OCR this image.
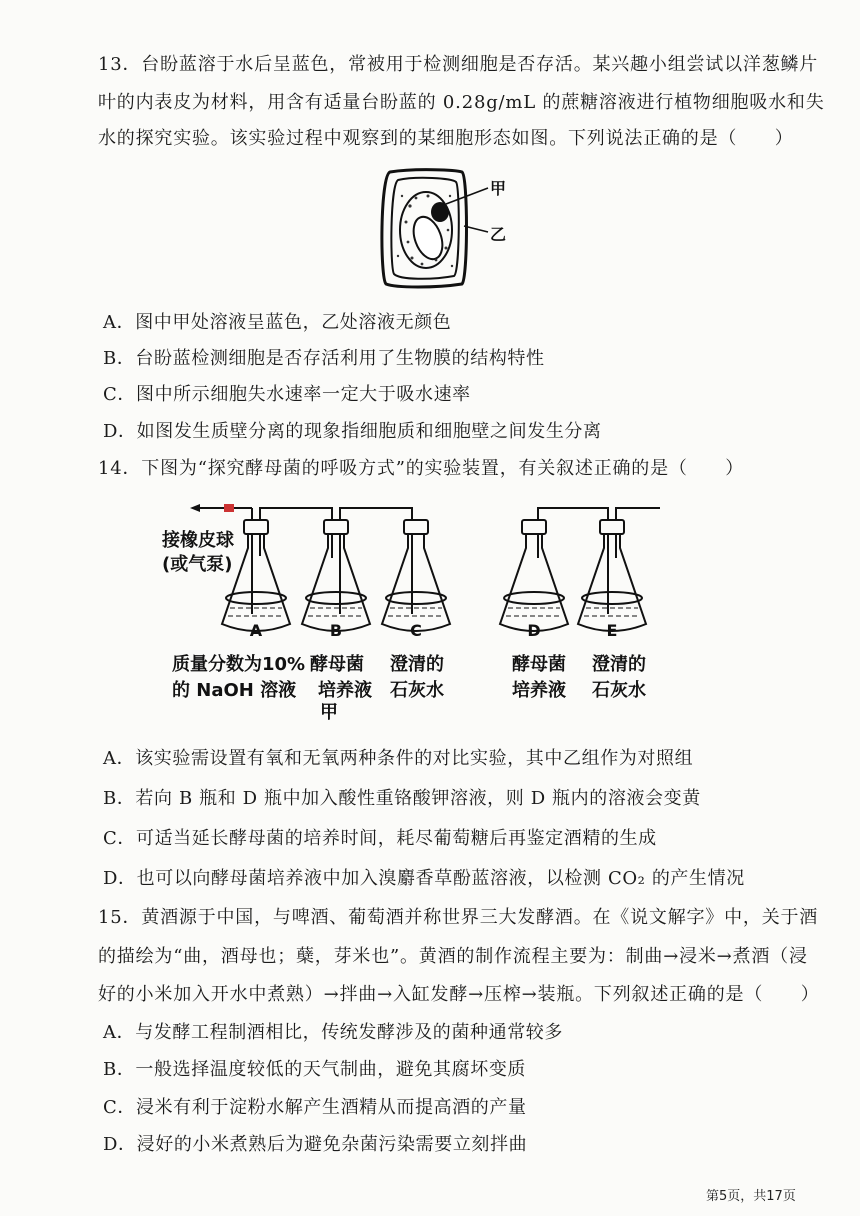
13．台盼蓝溶于水后呈蓝色，常被用于检测细胞是否存活。某兴趣小组尝试以洋葱鳞片
叶的内表皮为材料，用含有适量台盼蓝的 0.28g/mL 的蔗糖溶液进行植物细胞吸水和失
水的探究实验。该实验过程中观察到的某细胞形态如图。下列说法正确的是（　　）
甲
乙
A．图中甲处溶液呈蓝色，乙处溶液无颜色
B．台盼蓝检测细胞是否存活利用了生物膜的结构特性
C．图中所示细胞失水速率一定大于吸水速率
D．如图发生质壁分离的现象指细胞质和细胞壁之间发生分离
14．下图为“探究酵母菌的呼吸方式”的实验装置，有关叙述正确的是（　　）
A	B	C	D	E
接橡皮球
(或气泵)
质量分数为10%
的 NaOH 溶液
酵母菌
培养液
澄清的
石灰水
酵母菌
培养液
澄清的
石灰水
甲
A．该实验需设置有氧和无氧两种条件的对比实验，其中乙组作为对照组
B．若向 B 瓶和 D 瓶中加入酸性重铬酸钾溶液，则 D 瓶内的溶液会变黄
C．可适当延长酵母菌的培养时间，耗尽葡萄糖后再鉴定酒精的生成
D．也可以向酵母菌培养液中加入溴麝香草酚蓝溶液，以检测 CO₂ 的产生情况
15．黄酒源于中国，与啤酒、葡萄酒并称世界三大发酵酒。在《说文解字》中，关于酒
的描绘为“曲，酒母也；蘖，芽米也”。黄酒的制作流程主要为：制曲→浸米→煮酒（浸
好的小米加入开水中煮熟）→拌曲→入缸发酵→压榨→装瓶。下列叙述正确的是（　　）
A．与发酵工程制酒相比，传统发酵涉及的菌种通常较多
B．一般选择温度较低的天气制曲，避免其腐坏变质
C．浸米有利于淀粉水解产生酒精从而提高酒的产量
D．浸好的小米煮熟后为避免杂菌污染需要立刻拌曲
第5页，共17页
